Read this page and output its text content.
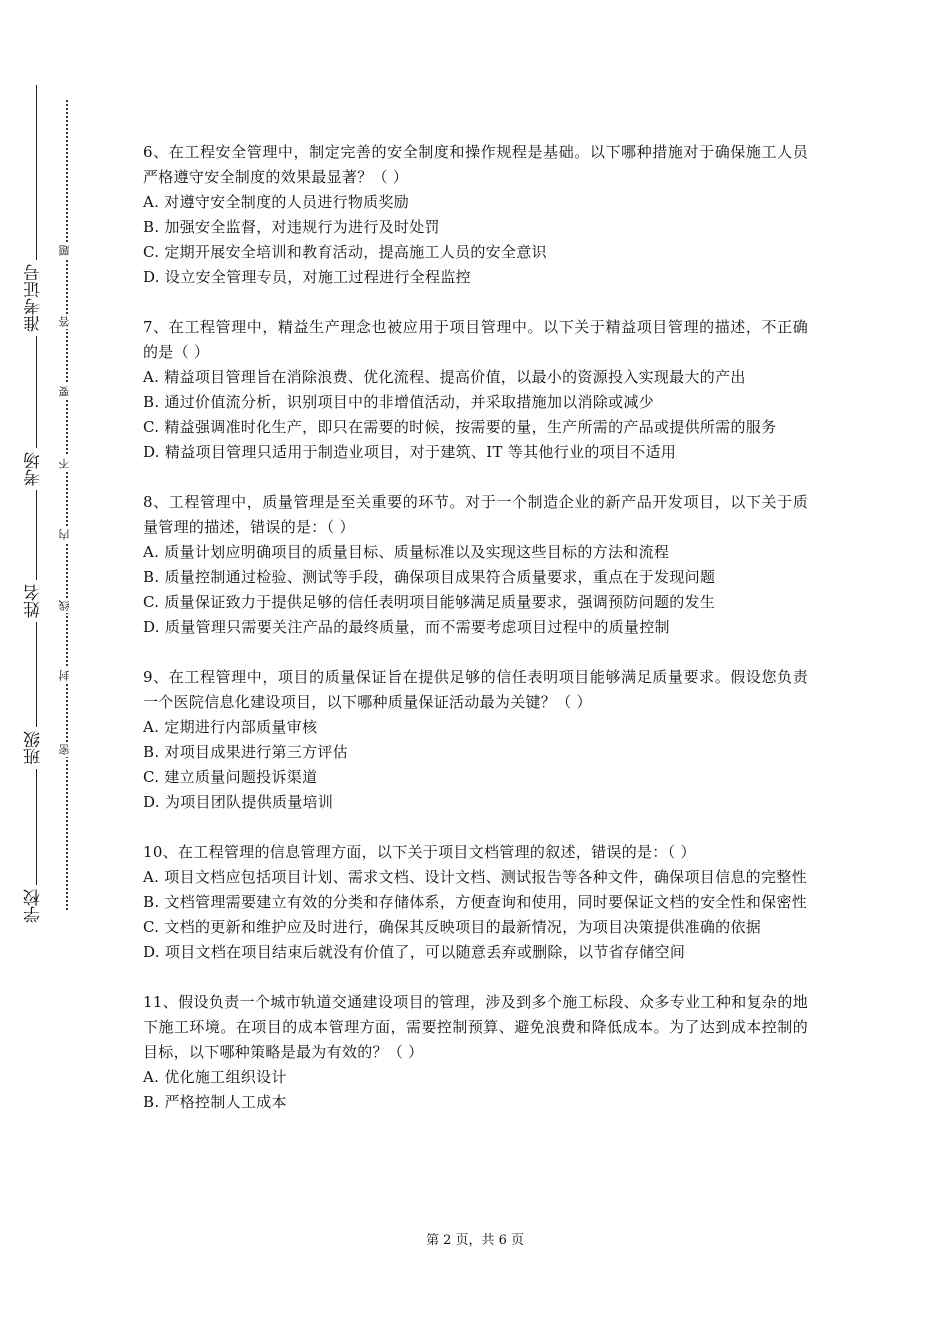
准考证号
考场
姓名
班级
学校
密
封
线
内
不
要
答
题

6、在工程安全管理中，制定完善的安全制度和操作规程是基础。以下哪种措施对于确保施工人员严格遵守安全制度的效果最显著？（ ）

A. 对遵守安全制度的人员进行物质奖励

B. 加强安全监督，对违规行为进行及时处罚

C. 定期开展安全培训和教育活动，提高施工人员的安全意识

D. 设立安全管理专员，对施工过程进行全程监控

7、在工程管理中，精益生产理念也被应用于项目管理中。以下关于精益项目管理的描述，不正确的是（ ）

A. 精益项目管理旨在消除浪费、优化流程、提高价值，以最小的资源投入实现最大的产出

B. 通过价值流分析，识别项目中的非增值活动，并采取措施加以消除或减少

C. 精益强调准时化生产，即只在需要的时候，按需要的量，生产所需的产品或提供所需的服务

D. 精益项目管理只适用于制造业项目，对于建筑、IT 等其他行业的项目不适用

8、工程管理中，质量管理是至关重要的环节。对于一个制造企业的新产品开发项目，以下关于质量管理的描述，错误的是：（ ）

A. 质量计划应明确项目的质量目标、质量标准以及实现这些目标的方法和流程

B. 质量控制通过检验、测试等手段，确保项目成果符合质量要求，重点在于发现问题

C. 质量保证致力于提供足够的信任表明项目能够满足质量要求，强调预防问题的发生

D. 质量管理只需要关注产品的最终质量，而不需要考虑项目过程中的质量控制

9、在工程管理中，项目的质量保证旨在提供足够的信任表明项目能够满足质量要求。假设您负责一个医院信息化建设项目，以下哪种质量保证活动最为关键？（ ）

A. 定期进行内部质量审核

B. 对项目成果进行第三方评估

C. 建立质量问题投诉渠道

D. 为项目团队提供质量培训

10、在工程管理的信息管理方面，以下关于项目文档管理的叙述，错误的是：（ ）

A. 项目文档应包括项目计划、需求文档、设计文档、测试报告等各种文件，确保项目信息的完整性

B. 文档管理需要建立有效的分类和存储体系，方便查询和使用，同时要保证文档的安全性和保密性

C. 文档的更新和维护应及时进行，确保其反映项目的最新情况，为项目决策提供准确的依据

D. 项目文档在项目结束后就没有价值了，可以随意丢弃或删除，以节省存储空间

11、假设负责一个城市轨道交通建设项目的管理，涉及到多个施工标段、众多专业工种和复杂的地下施工环境。在项目的成本管理方面，需要控制预算、避免浪费和降低成本。为了达到成本控制的目标，以下哪种策略是最为有效的？（ ）

A. 优化施工组织设计

B. 严格控制人工成本

第 2 页，共 6 页
